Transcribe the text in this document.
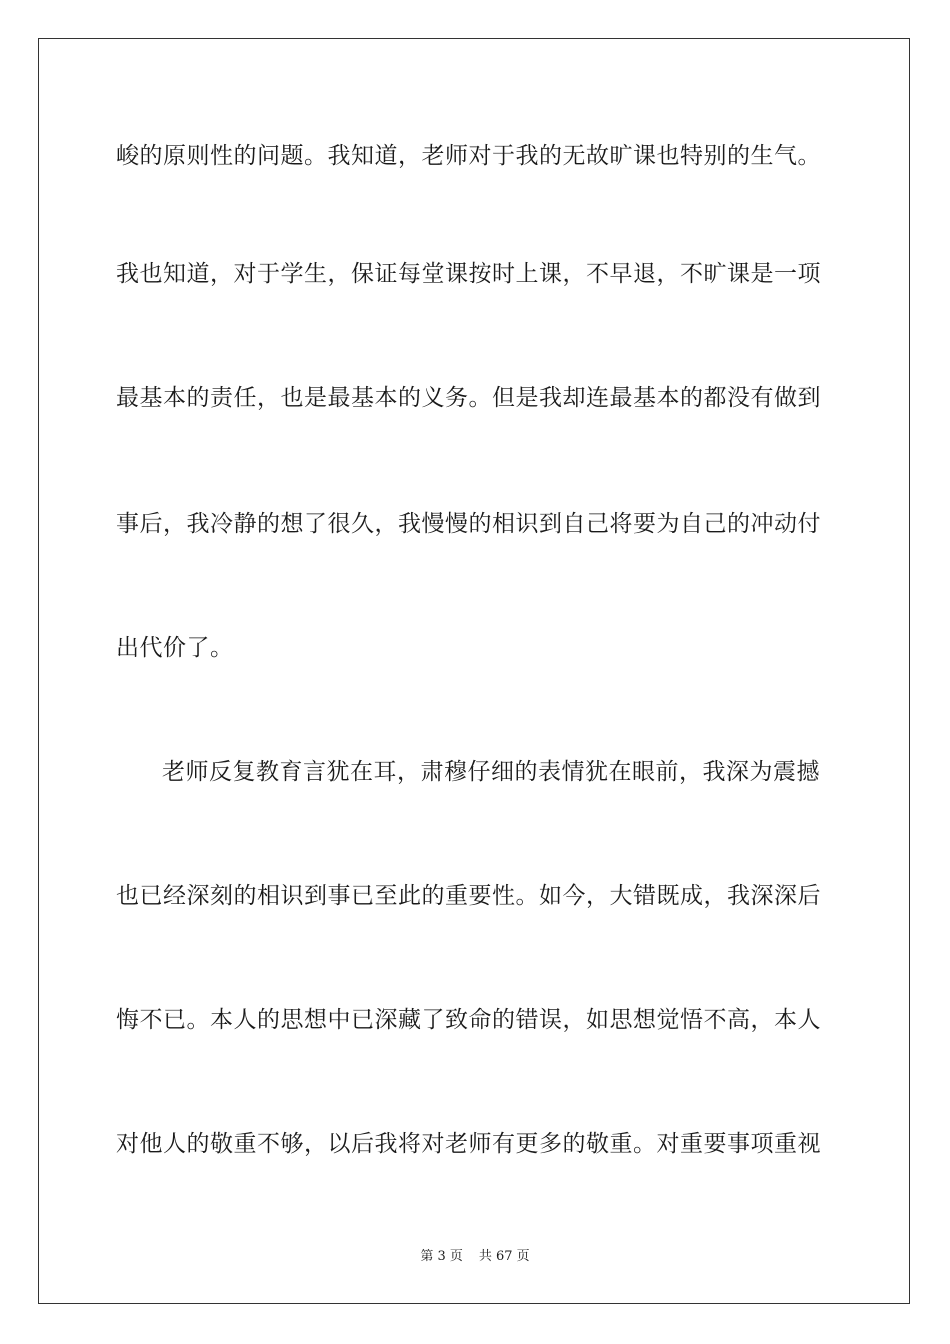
峻的原则性的问题。我知道，老师对于我的无故旷课也特别的生气。
我也知道，对于学生，保证每堂课按时上课，不早退，不旷课是一项
最基本的责任，也是最基本的义务。但是我却连最基本的都没有做到
事后，我冷静的想了很久，我慢慢的相识到自己将要为自己的冲动付
出代价了。
老师反复教育言犹在耳，肃穆仔细的表情犹在眼前，我深为震撼
也已经深刻的相识到事已至此的重要性。如今，大错既成，我深深后
悔不已。本人的思想中已深藏了致命的错误，如思想觉悟不高，本人
对他人的敬重不够，以后我将对老师有更多的敬重。对重要事项重视
第 3 页 共 67 页
